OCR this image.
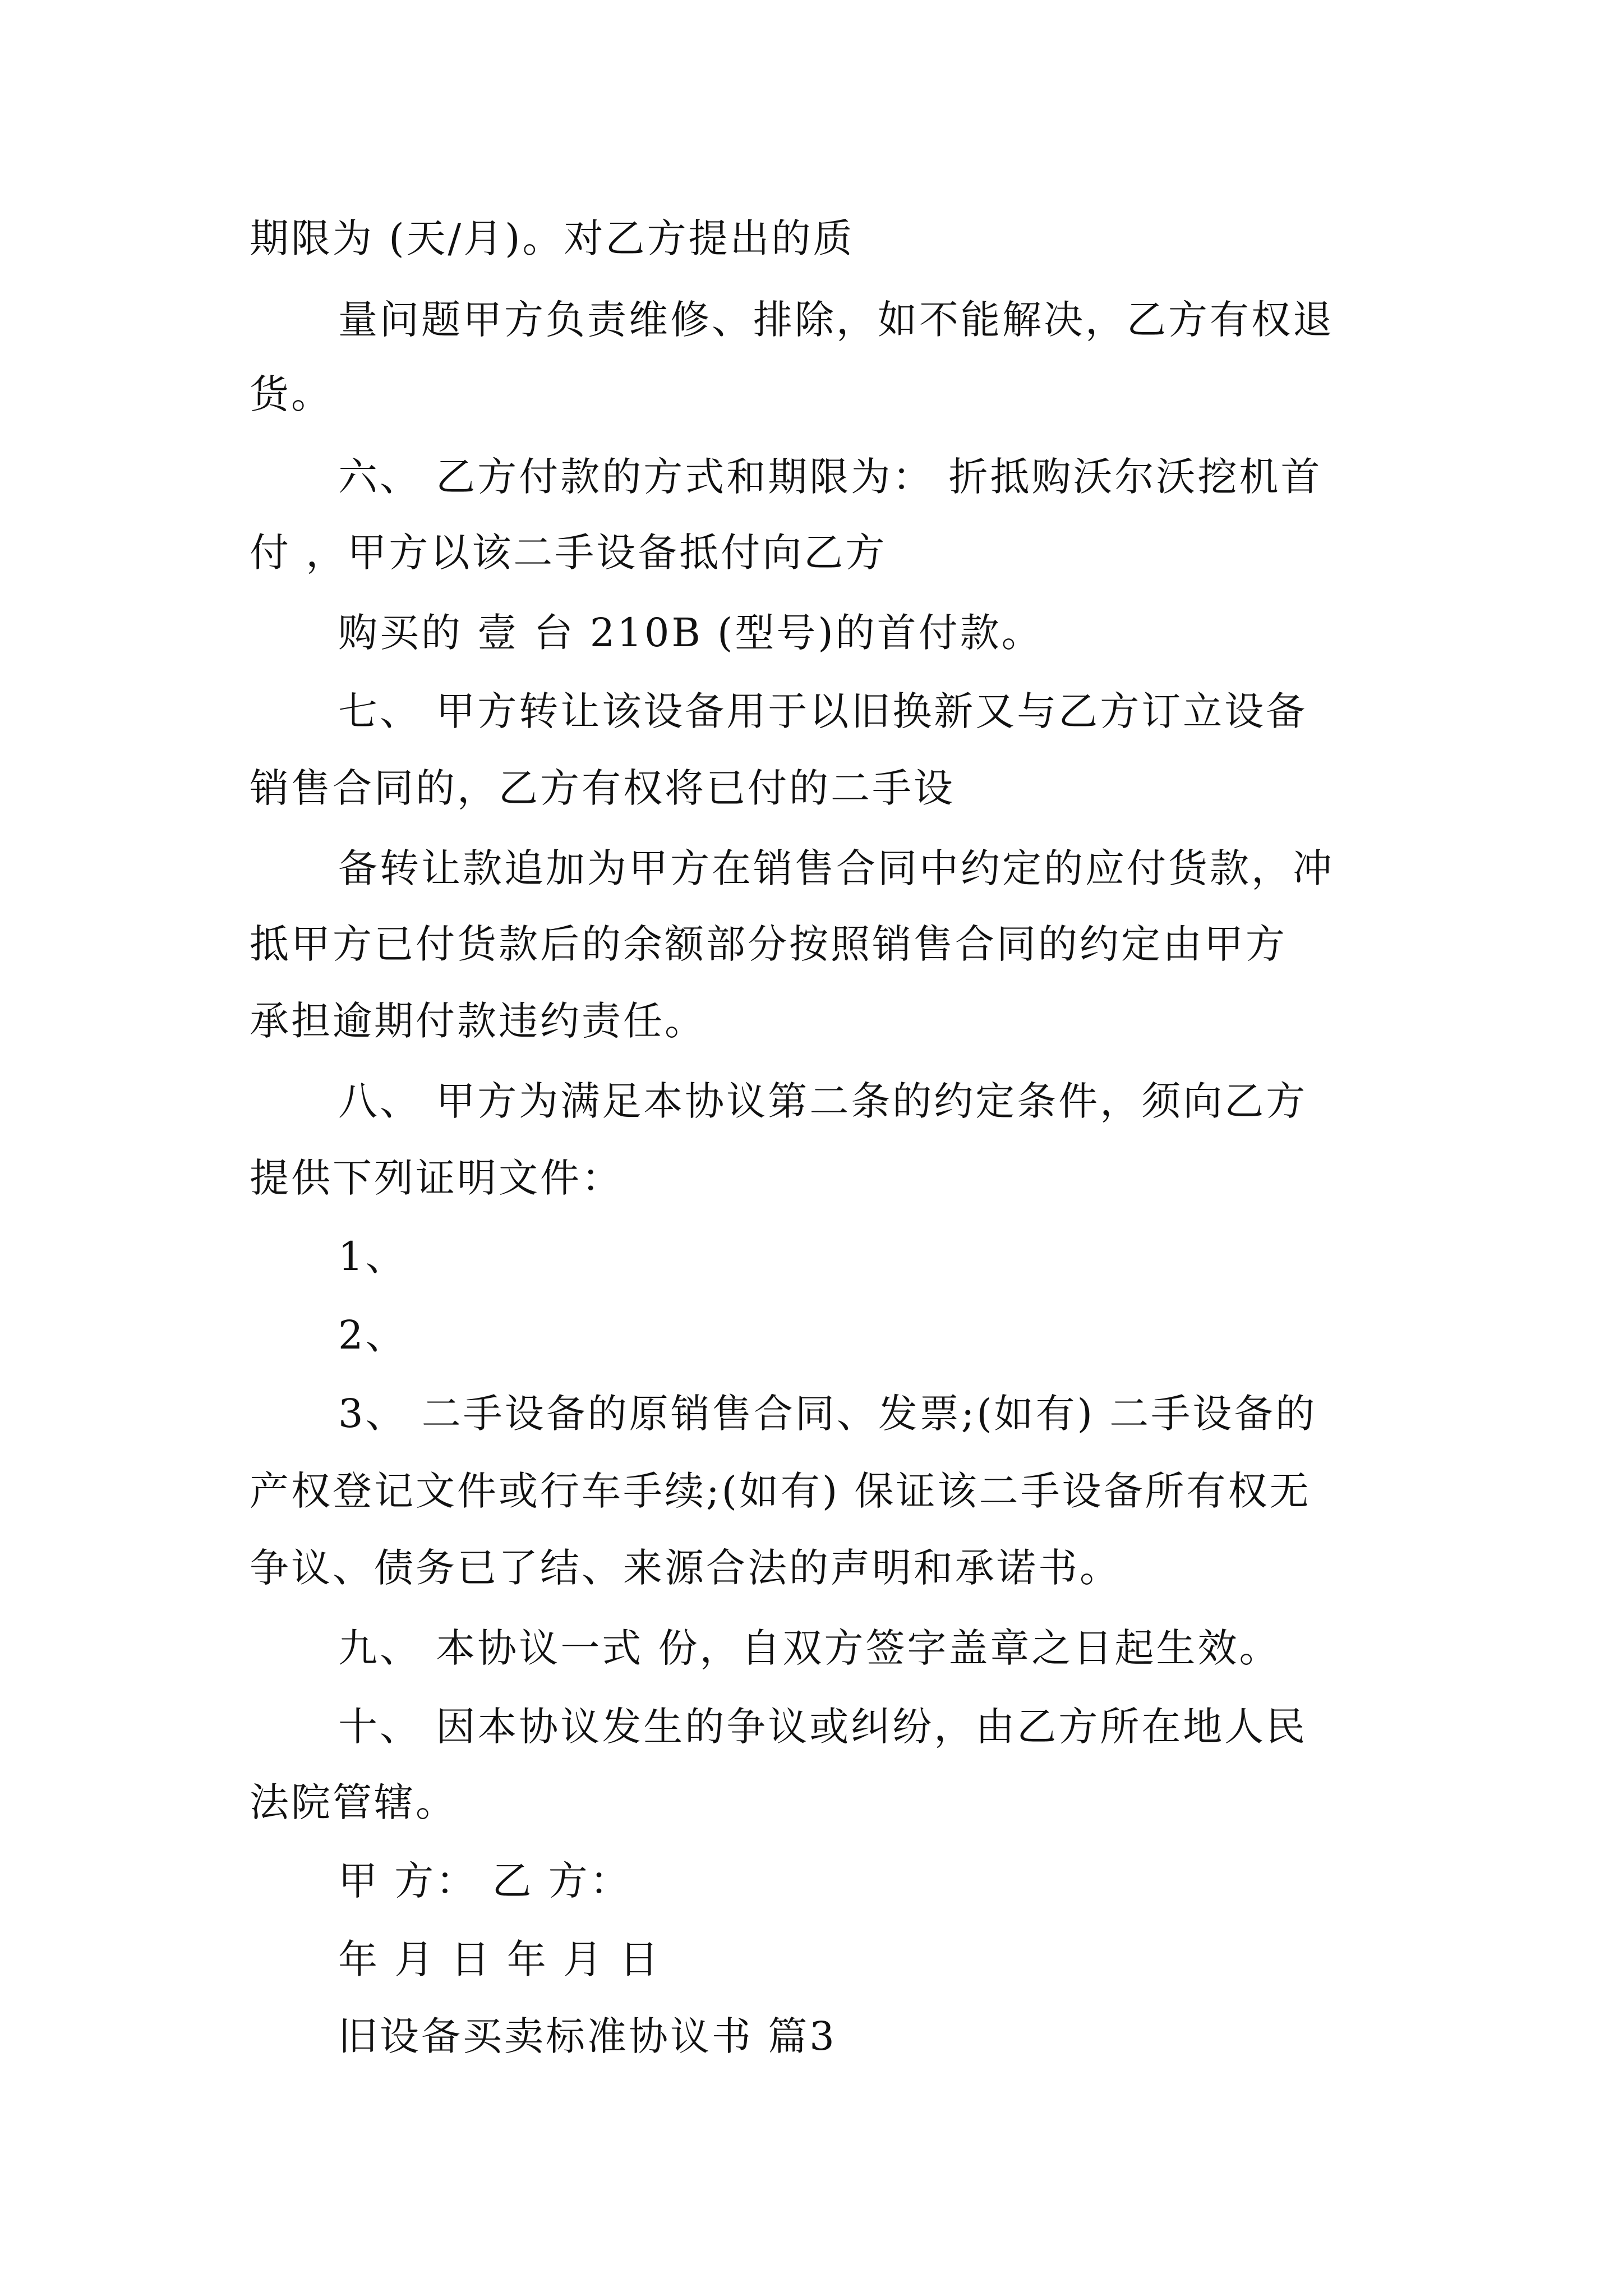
期限为 (天/月)。对乙方提出的质
量问题甲方负责维修、排除，如不能解决，乙方有权退
货。
六、 乙方付款的方式和期限为： 折抵购沃尔沃挖机首
付 ，甲方以该二手设备抵付向乙方
购买的 壹 台 210B (型号)的首付款。
七、 甲方转让该设备用于以旧换新又与乙方订立设备
销售合同的，乙方有权将已付的二手设
备转让款追加为甲方在销售合同中约定的应付货款，冲
抵甲方已付货款后的余额部分按照销售合同的约定由甲方
承担逾期付款违约责任。
八、 甲方为满足本协议第二条的约定条件，须向乙方
提供下列证明文件：
1、
2、
3、 二手设备的原销售合同、发票;(如有) 二手设备的
产权登记文件或行车手续;(如有) 保证该二手设备所有权无
争议、债务已了结、来源合法的声明和承诺书。
九、 本协议一式 份，自双方签字盖章之日起生效。
十、 因本协议发生的争议或纠纷，由乙方所在地人民
法院管辖。
甲 方： 乙 方：
年 月 日 年 月 日
旧设备买卖标准协议书 篇3
